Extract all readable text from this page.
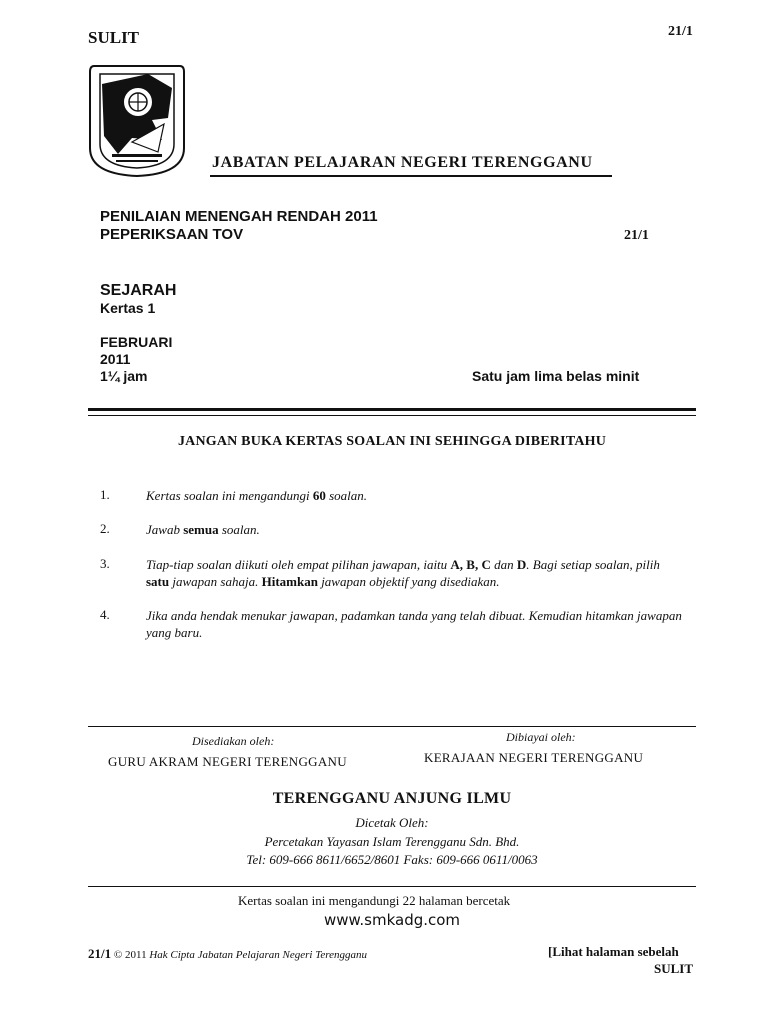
SULIT	21/1
JABATAN PELAJARAN NEGERI TERENGGANU
PENILAIAN MENENGAH RENDAH 2011
PEPERIKSAAN TOV	21/1
SEJARAH
Kertas 1
FEBRUARI
2011
1¼ jam	Satu jam lima belas minit
JANGAN BUKA KERTAS SOALAN INI SEHINGGA DIBERITAHU
1.	Kertas soalan ini mengandungi 60 soalan.
2.	Jawab semua soalan.
3.	Tiap-tiap soalan diikuti oleh empat pilihan jawapan, iaitu A, B, C dan D. Bagi setiap soalan, pilih satu jawapan sahaja. Hitamkan jawapan objektif yang disediakan.
4.	Jika anda hendak menukar jawapan, padamkan tanda yang telah dibuat. Kemudian hitamkan jawapan yang baru.
Disediakan oleh:
GURU AKRAM NEGERI TERENGGANU
Dibiayai oleh:
KERAJAAN NEGERI TERENGGANU
TERENGGANU ANJUNG ILMU
Dicetak Oleh:
Percetakan Yayasan Islam Terengganu Sdn. Bhd.
Tel: 609-666 8611/6652/8601 Faks: 609-666 0611/0063
Kertas soalan ini mengandungi 22 halaman bercetak
www.smkadg.com
21/1 © 2011 Hak Cipta Jabatan Pelajaran Negeri Terengganu	[Lihat halaman sebelah
SULIT
